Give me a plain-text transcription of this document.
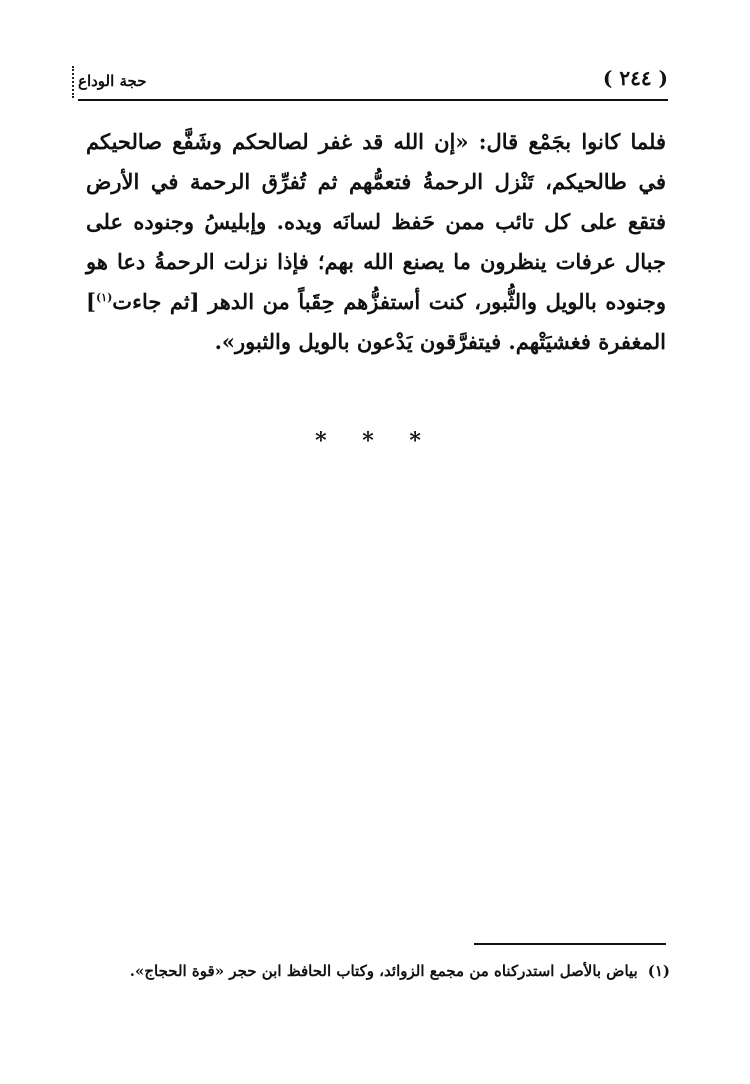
( ٢٤٤ )
حجة الوداع
فلما كانوا بجَمْع قال: «إن الله قد غفر لصالحكم وشَفَّع صالحيكم في طالحيكم، تَنْزل الرحمةُ فتعمُّهم ثم تُفرِّق الرحمة في الأرض فتقع على كل تائب ممن حَفظ لسانَه ويده. وإبليسُ وجنوده على جبال عرفات ينظرون ما يصنع الله بهم؛ فإذا نزلت الرحمةُ دعا هو وجنوده بالويل والثُّبور، كنت أستفزُّهم حِقَباً من الدهر [ثم جاءت$^{(١)}$] المغفرة فغشيَتْهم. فيتفرَّقون يَدْعون بالويل والثبور».
* * *
(١)بياض بالأصل استدركناه من مجمع الزوائد، وكتاب الحافظ ابن حجر «قوة الحجاج».
